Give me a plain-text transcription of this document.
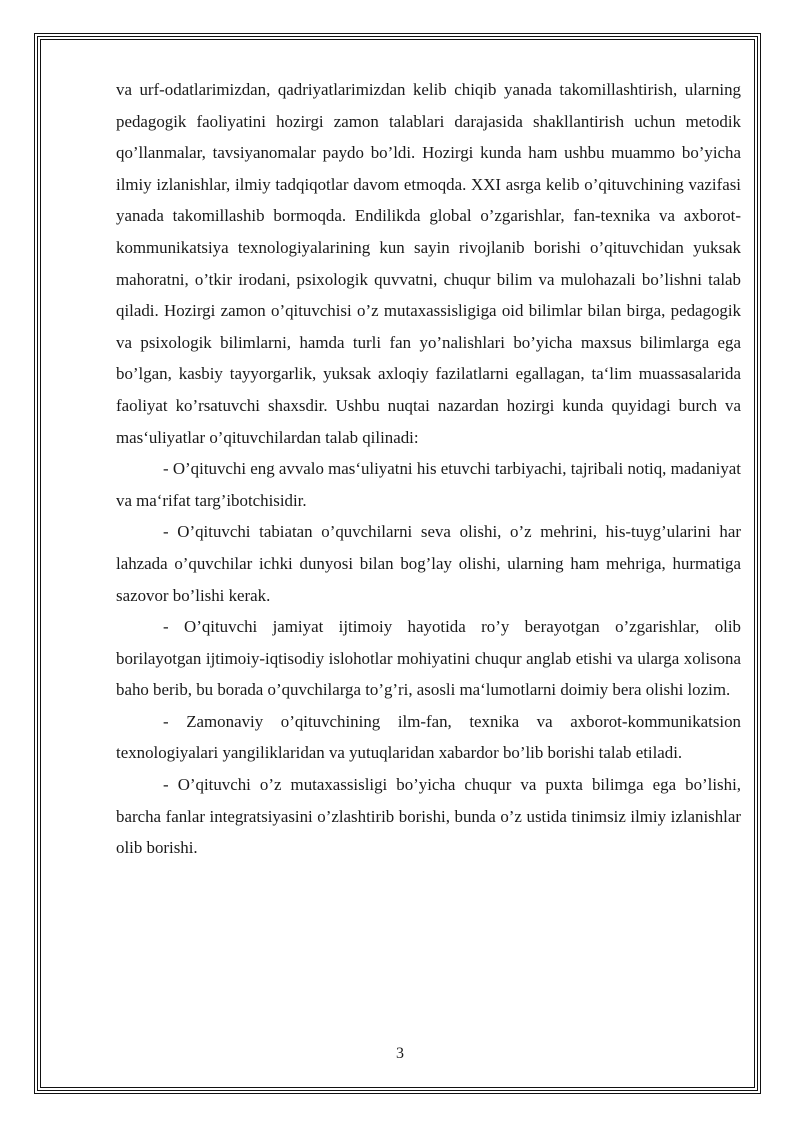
va urf-odatlarimizdan, qadriyatlarimizdan kelib chiqib yanada takomillashtirish, ularning pedagogik faoliyatini hozirgi zamon talablari darajasida shakllantirish uchun metodik qo’llanmalar, tavsiyanomalar paydo bo’ldi. Hozirgi kunda ham ushbu muammo bo’yicha ilmiy izlanishlar, ilmiy tadqiqotlar davom etmoqda. XXI asrga kelib o’qituvchining vazifasi yanada takomillashib bormoqda. Endilikda global o’zgarishlar, fan-texnika va axborot-kommunikatsiya texnologiyalarining kun sayin rivojlanib borishi o’qituvchidan yuksak mahoratni, o’tkir irodani, psixologik quvvatni, chuqur bilim va mulohazali bo’lishni talab qiladi. Hozirgi zamon o’qituvchisi o’z mutaxassisligiga oid bilimlar bilan birga, pedagogik va psixologik bilimlarni, hamda turli fan yo’nalishlari bo’yicha maxsus bilimlarga ega bo’lgan, kasbiy tayyorgarlik, yuksak axloqiy fazilatlarni egallagan, ta‘lim muassasalarida faoliyat ko’rsatuvchi shaxsdir. Ushbu nuqtai nazardan hozirgi kunda quyidagi burch va mas‘uliyatlar o’qituvchilardan talab qilinadi:

- O’qituvchi eng avvalo mas‘uliyatni his etuvchi tarbiyachi, tajribali notiq, madaniyat va ma‘rifat targ’ibotchisidir.

- O’qituvchi tabiatan o’quvchilarni seva olishi, o’z mehrini, his-tuyg’ularini har lahzada o’quvchilar ichki dunyosi bilan bog’lay olishi, ularning ham mehriga, hurmatiga sazovor bo’lishi kerak.

- O’qituvchi jamiyat ijtimoiy hayotida ro’y berayotgan o’zgarishlar, olib borilayotgan ijtimoiy-iqtisodiy islohotlar mohiyatini chuqur anglab etishi va ularga xolisona baho berib, bu borada o’quvchilarga to’g’ri, asosli ma‘lumotlarni doimiy bera olishi lozim.

- Zamonaviy o’qituvchining ilm-fan, texnika va axborot-kommunikatsion texnologiyalari yangiliklaridan va yutuqlaridan xabardor bo’lib borishi talab etiladi.

- O’qituvchi o’z mutaxassisligi bo’yicha chuqur va puxta bilimga ega bo’lishi, barcha fanlar integratsiyasini o’zlashtirib borishi, bunda o’z ustida tinimsiz ilmiy izlanishlar olib borishi.

3
